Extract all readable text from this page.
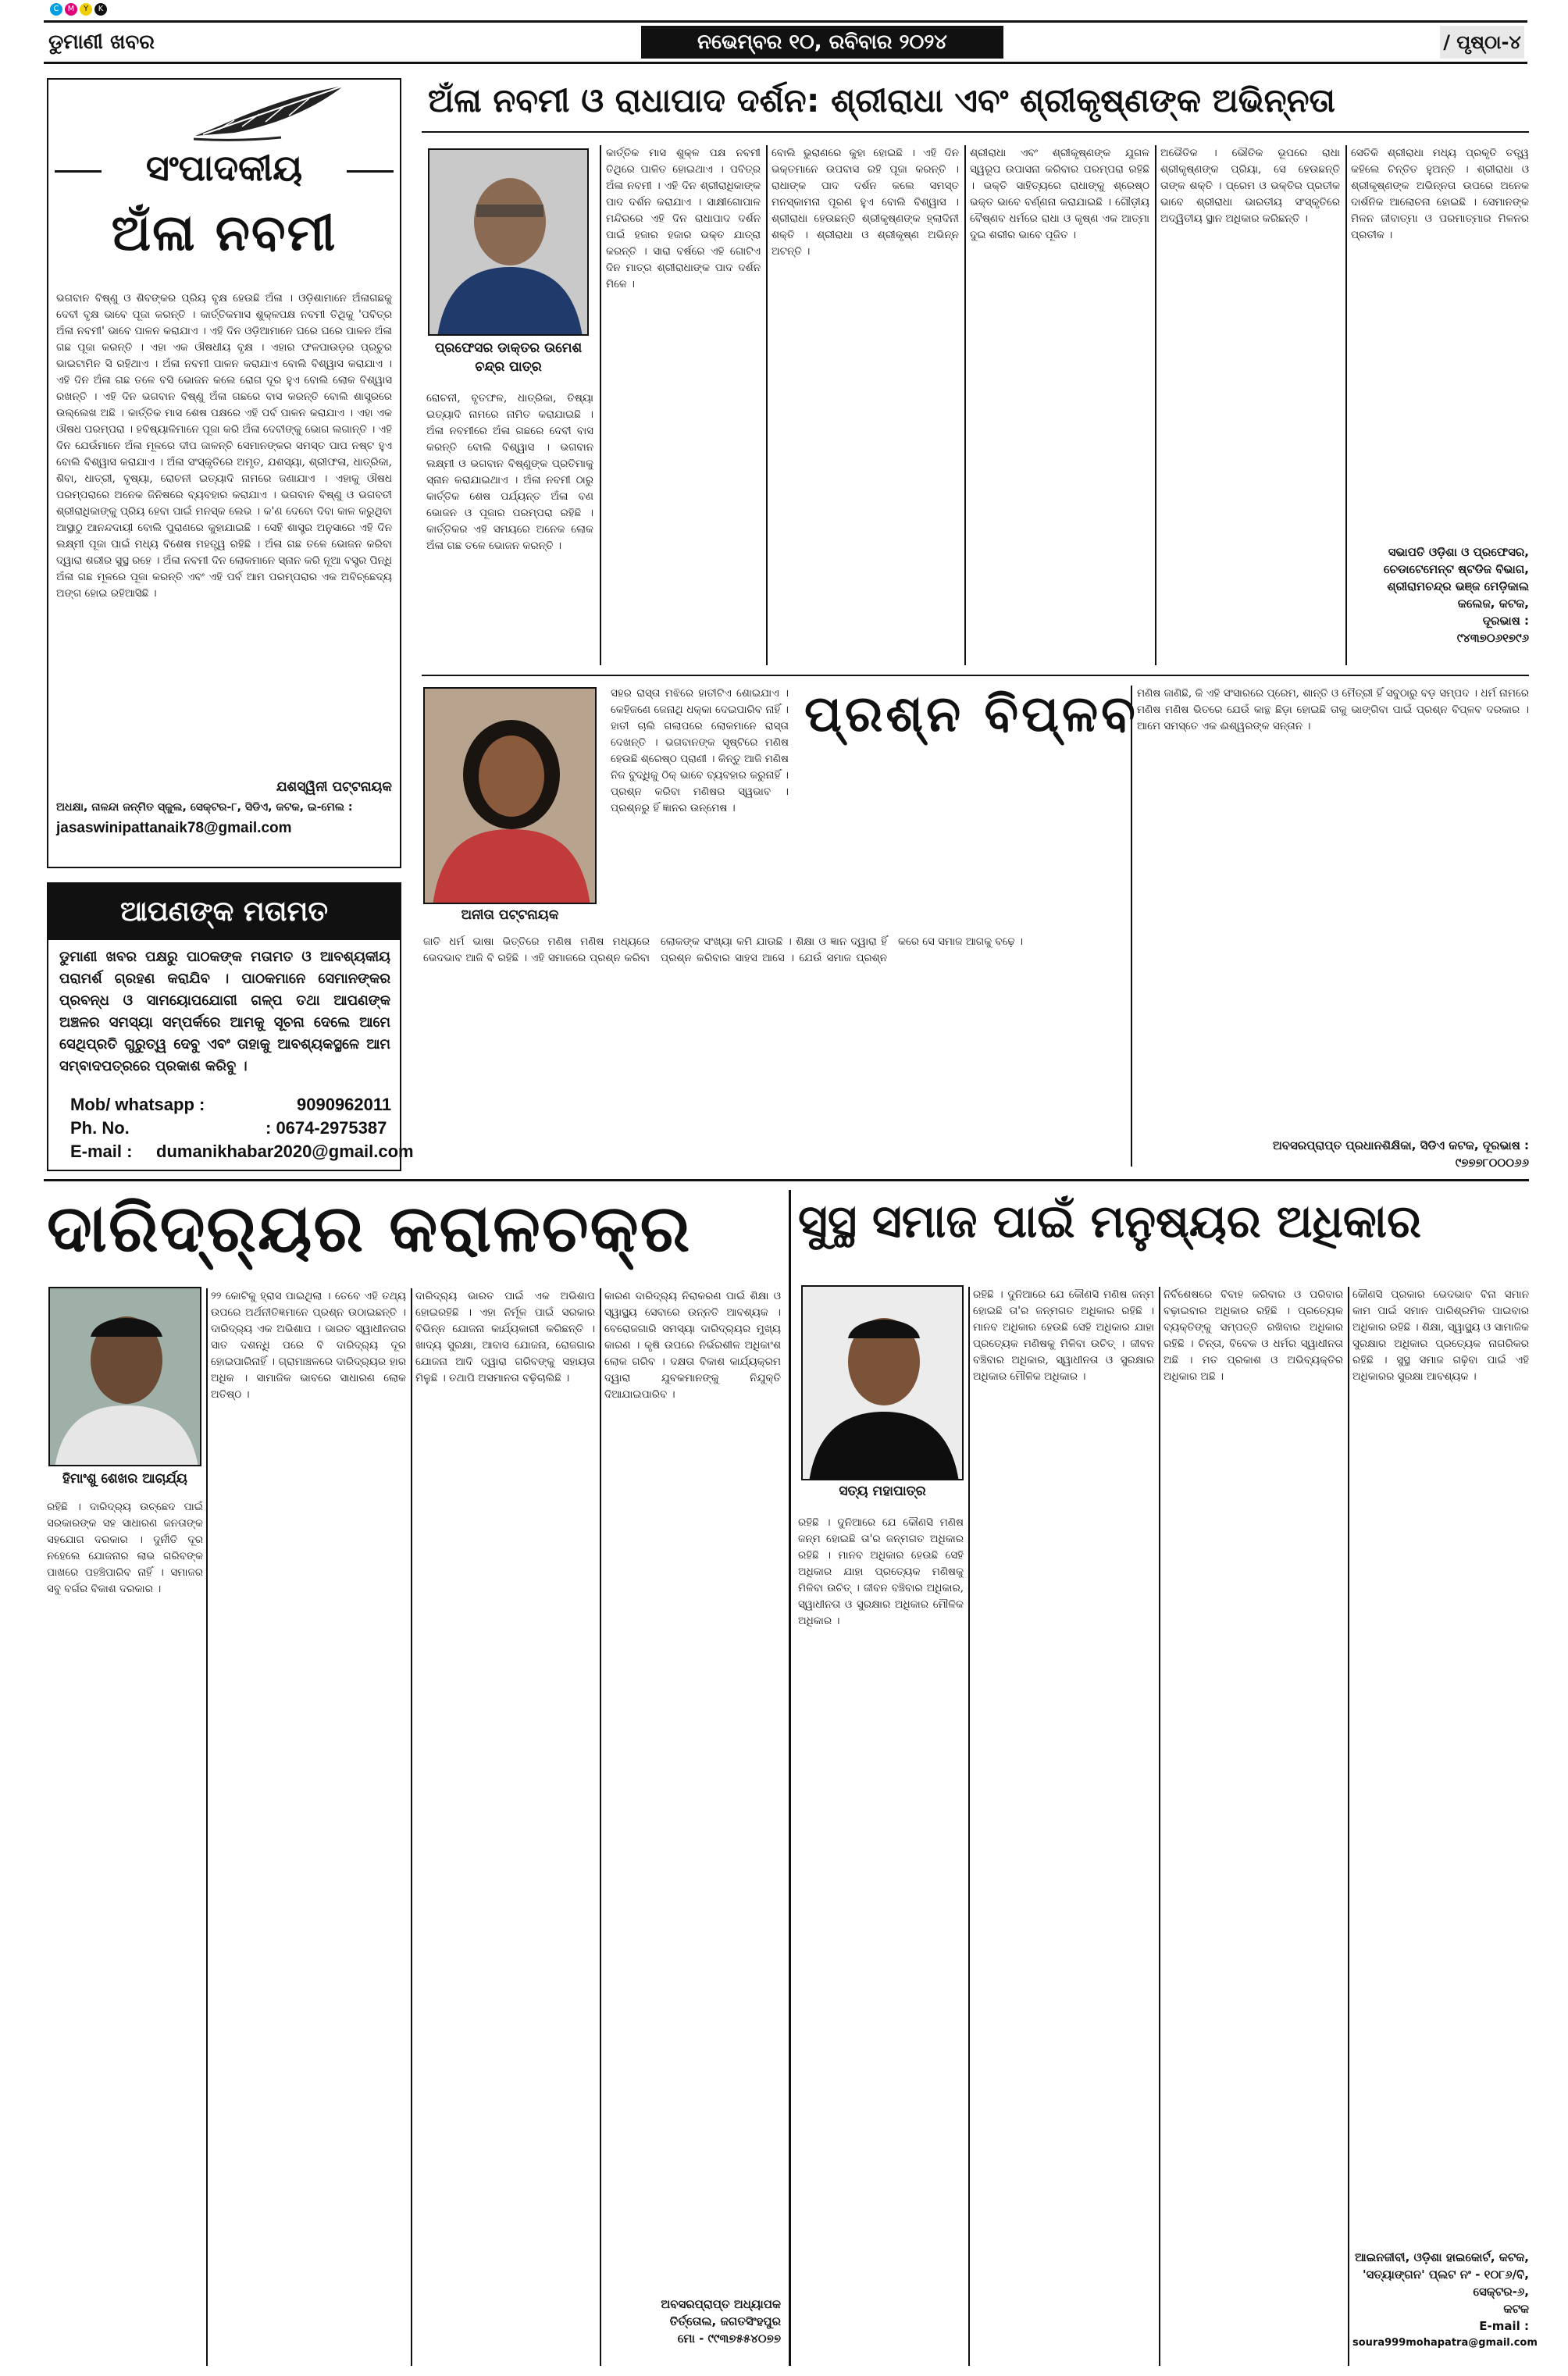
C	M	Y	K
ଡୁମାଣୀ ଖବର	ନଭେମ୍ବର ୧୦, ରବିବାର ୨୦୨୪	/ ପୃଷ୍ଠା-୪
ସଂପାଦକୀୟ
ଅଁଳା ନବମୀ
ଭଗବାନ ବିଷ୍ଣୁ ଓ ଶିବଙ୍କର ପ୍ରିୟ ବୃକ୍ଷ ହେଉଛି ଅଁଳା । ଓଡ଼ିଶାମାନେ ଅଁଳାଗଛକୁ ଦେବୀ ବୃକ୍ଷ ଭାବେ ପୂଜା କରନ୍ତି । କାର୍ତ୍ତିକମାସ ଶୁକ୍ଳପକ୍ଷ ନବମୀ ତିଥିକୁ 'ପବିତ୍ର ଅଁଳା ନବମୀ' ଭାବେ ପାଳନ କରାଯାଏ । ଏହି ଦିନ ଓଡ଼ିଆମାନେ ଘରେ ଘରେ ପାଳନ ଅଁଳା ଗଛ ପୂଜା କରନ୍ତି । ଏହା ଏକ ଔଷଧୀୟ ବୃକ୍ଷ । ଏହାର ଫଳପାଉଡ଼ର ପ୍ରଚୁର ଭାଇଟାମିନ ସି ରହିଥାଏ । ଅଁଳା ନବମୀ ପାଳନ କରାଯାଏ ବୋଲି ବିଶ୍ୱାସ କରାଯାଏ । ଏହି ଦିନ ଅଁଳା ଗଛ ତଳେ ବସି ଭୋଜନ କଲେ ରୋଗ ଦୂର ହୁଏ ବୋଲି ଲୋକ ବିଶ୍ୱାସ ରଖନ୍ତି । ଏହି ଦିନ ଭଗବାନ ବିଷ୍ଣୁ ଅଁଳା ଗଛରେ ବାସ କରନ୍ତି ବୋଲି ଶାସ୍ତ୍ରରେ ଉଲ୍ଲେଖ ଅଛି । କାର୍ତ୍ତିକ ମାସ ଶେଷ ପକ୍ଷରେ ଏହି ପର୍ବ ପାଳନ କରାଯାଏ । ଏହା ଏକ ଔଷଧ ପରମ୍ପରା । ହବିଷ୍ୟାଳିମାନେ ପୂଜା କରି ଅଁଳା ଦେବୀଙ୍କୁ ଭୋଗ ଲଗାନ୍ତି । ଏହି ଦିନ ଯେଉଁମାନେ ଅଁଳା ମୂଳରେ ଦୀପ ଜାଳନ୍ତି ସେମାନଙ୍କର ସମସ୍ତ ପାପ ନଷ୍ଟ ହୁଏ ବୋଲି ବିଶ୍ୱାସ କରାଯାଏ । ଅଁଳା ସଂସ୍କୃତିରେ ଅମୃତ, ଯଶସ୍ୟା, ଶ୍ରୀଫଳା, ଧାତ୍ରିକା, ଶିବା, ଧାତ୍ରୀ, ବୃଷ୍ୟା, ରୋଚନୀ ଇତ୍ୟାଦି ନାମରେ ଜଣାଯାଏ । ଏହାକୁ ଔଷଧ ପରମ୍ପରାରେ ଅନେକ ଜିନିଷରେ ବ୍ୟବହାର କରାଯାଏ । ଭଗବାନ ବିଷ୍ଣୁ ଓ ଭଗବତୀ ଶ୍ରୀରାଧିକାଙ୍କୁ ପ୍ରିୟ ହେବା ପାଇଁ ମନସ୍କ ଲେଭ । କ'ଣ ଦେବୋ ଦିବା କାଳ କରୁଥିବା ଆସ୍ଥାଠୁ ଆନନ୍ଦଦାୟୀ ବୋଲି ପୁରାଣରେ କୁହାଯାଇଛି । ସେହି ଶାସ୍ତ୍ର ଅନୁସାରେ ଏହି ଦିନ ଲକ୍ଷ୍ମୀ ପୂଜା ପାଇଁ ମଧ୍ୟ ବିଶେଷ ମହତ୍ତ୍ୱ ରହିଛି । ଅଁଳା ଗଛ ତଳେ ଭୋଜନ କରିବା ଦ୍ୱାରା ଶରୀର ସୁସ୍ଥ ରହେ । ଅଁଳା ନବମୀ ଦିନ ଲୋକମାନେ ସ୍ନାନ କରି ନୂଆ ବସ୍ତ୍ର ପିନ୍ଧି ଅଁଳା ଗଛ ମୂଳରେ ପୂଜା କରନ୍ତି ଏବଂ ଏହି ପର୍ବ ଆମ ପରମ୍ପରାର ଏକ ଅବିଚ୍ଛେଦ୍ୟ ଅଙ୍ଗ ହୋଇ ରହିଆସିଛି ।
ଯଶସ୍ୱିନୀ ପଟ୍ଟନାୟକ
ଅଧକ୍ଷା, ନାଳନ୍ଦା ଜନ୍ମିତ ସ୍କୁଲ, ସେକ୍ଟର-୮, ସିଡିଏ, କଟକ, ଇ-ମେଲ :
jasaswinipattanaik78@gmail.com
ଆପଣଙ୍କ ମତାମତ
ଡୁମାଣୀ ଖବର ପକ୍ଷରୁ ପାଠକଙ୍କ ମତାମତ ଓ ଆବଶ୍ୟକୀୟ ପରାମର୍ଶ ଗ୍ରହଣ କରାଯିବ । ପାଠକମାନେ ସେମାନଙ୍କର ପ୍ରବନ୍ଧ ଓ ସାମୟୋପଯୋଗୀ ଗଳ୍ପ ତଥା ଆପଣଙ୍କ ଅଞ୍ଚଳର ସମସ୍ୟା ସମ୍ପର୍କରେ ଆମକୁ ସୂଚନା ଦେଲେ ଆମେ ସେଥିପ୍ରତି ଗୁରୁତ୍ୱ ଦେବୁ ଏବଂ ତାହାକୁ ଆବଶ୍ୟକସ୍ଥଳେ ଆମ ସମ୍ବାଦପତ୍ରରେ ପ୍ରକାଶ କରିବୁ ।
Mob/ whatsapp :	9090962011
Ph. No.	: 0674-2975387
E-mail : dumanikhabar2020@gmail.com
ଅଁଳା ନବମୀ ଓ ରାଧାପାଦ ଦର୍ଶନ: ଶ୍ରୀରାଧା ଏବଂ ଶ୍ରୀକୃଷ୍ଣଙ୍କ ଅଭିନ୍ନତା
ପ୍ରଫେସର ଡାକ୍ତର ଉମେଶ ଚନ୍ଦ୍ର ପାତ୍ର
ରୋଚନୀ, ବୃତଫଳ, ଧାତ୍ରିକା, ତିଷ୍ୟା ଇତ୍ୟାଦି ନାମରେ ନାମିତ କରାଯାଇଛି । ଅଁଳା ନବମୀରେ ଅଁଳା ଗଛରେ ଦେବୀ ବାସ କରନ୍ତି ବୋଲି ବିଶ୍ୱାସ । ଭଗବାନ ଲକ୍ଷ୍ମୀ ଓ ଭଗବାନ ବିଷ୍ଣୁଙ୍କ ପ୍ରତିମାକୁ ସ୍ନାନ କରାଯାଇଥାଏ । ଅଁଳା ନବମୀ ଠାରୁ କାର୍ତ୍ତିକ ଶେଷ ପର୍ଯ୍ୟନ୍ତ ଅଁଳା ବଣ ଭୋଜନ ଓ ପୂଜାର ପରମ୍ପରା ରହିଛି । କାର୍ତ୍ତିକର ଏହି ସମୟରେ ଅନେକ ଲୋକ ଅଁଳା ଗଛ ତଳେ ଭୋଜନ କରନ୍ତି ।
କାର୍ତ୍ତିକ ମାସ ଶୁକ୍ଳ ପକ୍ଷ ନବମୀ ତିଥିରେ ପାଳିତ ହୋଇଥାଏ । ପବିତ୍ର ଅଁଳା ନବମୀ । ଏହି ଦିନ ଶ୍ରୀରାଧିକାଙ୍କ ପାଦ ଦର୍ଶନ କରାଯାଏ । ସାକ୍ଷୀଗୋପାଳ ମନ୍ଦିରରେ ଏହି ଦିନ ରାଧାପାଦ ଦର୍ଶନ ପାଇଁ ହଜାର ହଜାର ଭକ୍ତ ଯାତ୍ରା କରନ୍ତି । ସାରା ବର୍ଷରେ ଏହି ଗୋଟିଏ ଦିନ ମାତ୍ର ଶ୍ରୀରାଧାଙ୍କ ପାଦ ଦର୍ଶନ ମିଳେ ।
ବୋଲି ଭୁରାଣରେ କୁହା ହୋଇଛି । ଏହି ଦିନ ଭକ୍ତମାନେ ଉପବାସ ରହି ପୂଜା କରନ୍ତି । ରାଧାଙ୍କ ପାଦ ଦର୍ଶନ କଲେ ସମସ୍ତ ମନସ୍କାମନା ପୂରଣ ହୁଏ ବୋଲି ବିଶ୍ୱାସ । ଶ୍ରୀରାଧା ହେଉଛନ୍ତି ଶ୍ରୀକୃଷ୍ଣଙ୍କ ହ୍ଲାଦିନୀ ଶକ୍ତି । ଶ୍ରୀରାଧା ଓ ଶ୍ରୀକୃଷ୍ଣ ଅଭିନ୍ନ ଅଟନ୍ତି ।
ଶ୍ରୀରାଧା ଏବଂ ଶ୍ରୀକୃଷ୍ଣଙ୍କ ଯୁଗଳ ସ୍ୱରୂପ ଉପାସନା କରିବାର ପରମ୍ପରା ରହିଛି । ଭକ୍ତି ସାହିତ୍ୟରେ ରାଧାଙ୍କୁ ଶ୍ରେଷ୍ଠ ଭକ୍ତ ଭାବେ ବର୍ଣ୍ଣନା କରାଯାଇଛି । ଗୌଡ଼ୀୟ ବୈଷ୍ଣବ ଧର୍ମରେ ରାଧା ଓ କୃଷ୍ଣ ଏକ ଆତ୍ମା ଦୁଇ ଶରୀର ଭାବେ ପୂଜିତ ।
ଅଭୈତିକ । ଭୌତିକ ଭୂପରେ ରାଧା ଶ୍ରୀକୃଷ୍ଣଙ୍କ ପ୍ରିୟା, ସେ ହେଉଛନ୍ତି ତାଙ୍କ ଶକ୍ତି । ପ୍ରେମ ଓ ଭକ୍ତିର ପ୍ରତୀକ ଭାବେ ଶ୍ରୀରାଧା ଭାରତୀୟ ସଂସ୍କୃତିରେ ଅଦ୍ୱିତୀୟ ସ୍ଥାନ ଅଧିକାର କରିଛନ୍ତି ।
ସେତିକି ଶ୍ରୀରାଧା ମଧ୍ୟ ପ୍ରକୃତି ତତ୍ତ୍ୱ କହିଲେ ଚିନ୍ତିତ ହୁଅନ୍ତି । ଶ୍ରୀରାଧା ଓ ଶ୍ରୀକୃଷ୍ଣଙ୍କ ଅଭିନ୍ନତା ଉପରେ ଅନେକ ଦାର୍ଶନିକ ଆଲୋଚନା ହୋଇଛି । ସେମାନଙ୍କ ମିଳନ ଜୀବାତ୍ମା ଓ ପରମାତ୍ମାର ମିଳନର ପ୍ରତୀକ ।
ସଭାପତି ଓଡ଼ିଶା ଓ ପ୍ରଫେସର,
ଚେଡାଟେମେନ୍ଟ ଷ୍ଟଡିଜ ବିଭାଗ,
ଶ୍ରୀରାମଚନ୍ଦ୍ର ଭଞ୍ଜ ମେଡ଼ିକାଲ କଲେଜ, କଟକ,
ଦୂରଭାଷ :
୯୪୩୭୦୬୧୭୯୬
ଅନୀତା ପଟ୍ଟନାୟକ
ପ୍ରଶ୍ନ ବିପ୍ଳବ
ସହର ରାସ୍ତା ମଝିରେ ହାତୀଟିଏ ଶୋଇଯାଏ । କେହିଜଣେ ଜେନାଥି ଧକ୍କା ଦେଇପାରିବ ନାହିଁ । ହାତୀ ଚାଲି ଗଲାପରେ ଲୋକମାନେ ରାସ୍ତା ଦେଖନ୍ତି । ଭଗବାନଙ୍କ ସୃଷ୍ଟିରେ ମଣିଷ ହେଉଛି ଶ୍ରେଷ୍ଠ ପ୍ରାଣୀ । କିନ୍ତୁ ଆଜି ମଣିଷ ନିଜ ବୁଦ୍ଧିକୁ ଠିକ୍ ଭାବେ ବ୍ୟବହାର କରୁନାହିଁ । ପ୍ରଶ୍ନ କରିବା ମଣିଷର ସ୍ୱଭାବ । ପ୍ରଶ୍ନରୁ ହିଁ ଜ୍ଞାନର ଉନ୍ମେଷ ।
ଜାତି ଧର୍ମ ଭାଷା ଭିତ୍ତିରେ ମଣିଷ ମଣିଷ ମଧ୍ୟରେ ଭେଦଭାବ ଆଜି ବି ରହିଛି । ଏହି ସମାଜରେ ପ୍ରଶ୍ନ କରିବା ଲୋକଙ୍କ ସଂଖ୍ୟା କମି ଯାଉଛି । ଶିକ୍ଷା ଓ ଜ୍ଞାନ ଦ୍ୱାରା ହିଁ ପ୍ରଶ୍ନ କରିବାର ସାହସ ଆସେ । ଯେଉଁ ସମାଜ ପ୍ରଶ୍ନ କରେ ସେ ସମାଜ ଆଗକୁ ବଢ଼େ ।
ମଣିଷ ଜାଣିଛି, କି ଏହି ସଂସାରରେ ପ୍ରେମ, ଶାନ୍ତି ଓ ମୈତ୍ରୀ ହିଁ ସବୁଠାରୁ ବଡ଼ ସମ୍ପଦ । ଧର୍ମ ନାମରେ ମଣିଷ ମଣିଷ ଭିତରେ ଯେଉଁ କାନ୍ଥ ଛିଡ଼ା ହୋଇଛି ତାକୁ ଭାଙ୍ଗିବା ପାଇଁ ପ୍ରଶ୍ନ ବିପ୍ଳବ ଦରକାର । ଆମେ ସମସ୍ତେ ଏକ ଈଶ୍ୱରଙ୍କ ସନ୍ତାନ ।
ଅବସରପ୍ରାପ୍ତ ପ୍ରଧାନଶିକ୍ଷିକା, ସିଡିଏ କଟକ, ଦୂରଭାଷ :
୯୭୭୭୮୦୦୦୬୬
ଦାରିଦ୍ର୍ୟର କରାଳଚକ୍ର
ହିମାଂଶୁ ଶେଖର ଆଚାର୍ଯ୍ୟ
୨୨ କୋଟିକୁ ହ୍ରାସ ପାଇଥିଲା । ତେବେ ଏହି ତଥ୍ୟ ଉପରେ ଅର୍ଥନୀତିଜ୍ଞମାନେ ପ୍ରଶ୍ନ ଉଠାଇଛନ୍ତି । ଦାରିଦ୍ର୍ୟ ଏକ ଅଭିଶାପ । ଭାରତ ସ୍ୱାଧୀନତାର ସାତ ଦଶନ୍ଧି ପରେ ବି ଦାରିଦ୍ର୍ୟ ଦୂର ହୋଇପାରିନାହିଁ । ଗ୍ରାମାଞ୍ଚଳରେ ଦାରିଦ୍ର୍ୟର ହାର ଅଧିକ । ସାମାଜିକ ଭାବରେ ସାଧାରଣ ଲୋକ ଅତିଷ୍ଠ ।
ଦାରିଦ୍ର୍ୟ ଭାରତ ପାଇଁ ଏକ ଅଭିଶାପ ହୋଇରହିଛି । ଏହା ନିର୍ମୂଳ ପାଇଁ ସରକାର ବିଭିନ୍ନ ଯୋଜନା କାର୍ଯ୍ୟକାରୀ କରିଛନ୍ତି । ଖାଦ୍ୟ ସୁରକ୍ଷା, ଆବାସ ଯୋଜନା, ରୋଜଗାର ଯୋଜନା ଆଦି ଦ୍ୱାରା ଗରିବଙ୍କୁ ସହାୟତା ମିଳୁଛି । ତଥାପି ଅସମାନତା ବଢ଼ିଚାଲିଛି ।
କାରଣ ଦାରିଦ୍ର୍ୟ ନିରାକରଣ ପାଇଁ ଶିକ୍ଷା ଓ ସ୍ୱାସ୍ଥ୍ୟ ସେବାରେ ଉନ୍ନତି ଆବଶ୍ୟକ । ବେରୋଜଗାରି ସମସ୍ୟା ଦାରିଦ୍ର୍ୟର ମୁଖ୍ୟ କାରଣ । କୃଷି ଉପରେ ନିର୍ଭରଶୀଳ ଅଧିକାଂଶ ଲୋକ ଗରିବ । ଦକ୍ଷତା ବିକାଶ କାର୍ଯ୍ୟକ୍ରମ ଦ୍ୱାରା ଯୁବକମାନଙ୍କୁ ନିଯୁକ୍ତି ଦିଆଯାଇପାରିବ ।
ରହିଛି । ଦାରିଦ୍ର୍ୟ ଉଚ୍ଛେଦ ପାଇଁ ସରକାରଙ୍କ ସହ ସାଧାରଣ ଜନତାଙ୍କ ସହଯୋଗ ଦରକାର । ଦୁର୍ନୀତି ଦୂର ନହେଲେ ଯୋଜନାର ଲାଭ ଗରିବଙ୍କ ପାଖରେ ପହଞ୍ଚିପାରିବ ନାହିଁ । ସମାଜର ସବୁ ବର୍ଗର ବିକାଶ ଦରକାର ।
ଅବସରପ୍ରାପ୍ତ ଅଧ୍ୟାପକ
ତିର୍ତ୍ତୋଲ, ଜଗତସିଂହପୁର
ମୋ - ୯୯୩୭୫୫୪୦୭୭
ସୁସ୍ଥ ସମାଜ ପାଇଁ ମନୁଷ୍ୟର ଅଧିକାର
ସତ୍ୟ ମହାପାତ୍ର
ରହିଛି । ଦୁନିଆରେ ଯେ କୌଣସି ମଣିଷ ଜନ୍ମ ହୋଇଛି ତା'ର ଜନ୍ମଗତ ଅଧିକାର ରହିଛି । ମାନବ ଅଧିକାର ହେଉଛି ସେହି ଅଧିକାର ଯାହା ପ୍ରତ୍ୟେକ ମଣିଷକୁ ମିଳିବା ଉଚିତ୍ । ଜୀବନ ବଞ୍ଚିବାର ଅଧିକାର, ସ୍ୱାଧୀନତା ଓ ସୁରକ୍ଷାର ଅଧିକାର ମୌଳିକ ଅଧିକାର ।
ନିର୍ବିଶେଷରେ ବିବାହ କରିବାର ଓ ପରିବାର ବଢ଼ାଇବାର ଅଧିକାର ରହିଛି । ପ୍ରତ୍ୟେକ ବ୍ୟକ୍ତିଙ୍କୁ ସମ୍ପତ୍ତି ରଖିବାର ଅଧିକାର ରହିଛି । ଚିନ୍ତା, ବିବେକ ଓ ଧର୍ମର ସ୍ୱାଧୀନତା ଅଛି । ମତ ପ୍ରକାଶ ଓ ଅଭିବ୍ୟକ୍ତିର ଅଧିକାର ଅଛି ।
କୌଣସି ପ୍ରକାର ଭେଦଭାବ ବିନା ସମାନ କାମ ପାଇଁ ସମାନ ପାରିଶ୍ରମିକ ପାଇବାର ଅଧିକାର ରହିଛି । ଶିକ୍ଷା, ସ୍ୱାସ୍ଥ୍ୟ ଓ ସାମାଜିକ ସୁରକ୍ଷାର ଅଧିକାର ପ୍ରତ୍ୟେକ ନାଗରିକର ରହିଛି । ସୁସ୍ଥ ସମାଜ ଗଢ଼ିବା ପାଇଁ ଏହି ଅଧିକାରର ସୁରକ୍ଷା ଆବଶ୍ୟକ ।
ରହିଛି । ଦୁନିଆରେ ଯେ କୌଣସି ମଣିଷ ଜନ୍ମ ହୋଇଛି ତା'ର ଜନ୍ମଗତ ଅଧିକାର ରହିଛି । ମାନବ ଅଧିକାର ହେଉଛି ସେହି ଅଧିକାର ଯାହା ପ୍ରତ୍ୟେକ ମଣିଷକୁ ମିଳିବା ଉଚିତ୍ । ଜୀବନ ବଞ୍ଚିବାର ଅଧିକାର, ସ୍ୱାଧୀନତା ଓ ସୁରକ୍ଷାର ଅଧିକାର ମୌଳିକ ଅଧିକାର ।
ଆଇନଜୀବୀ, ଓଡ଼ିଶା ହାଇକୋର୍ଟ, କଟକ,
'ସତ୍ୟାଙ୍ଗନ' ପ୍ଲଟ ନଂ - ୧୦୮୬/ବି, ସେକ୍ଟର-୬,
କଟକ
E-mail :
soura999mohapatra@gmail.com
